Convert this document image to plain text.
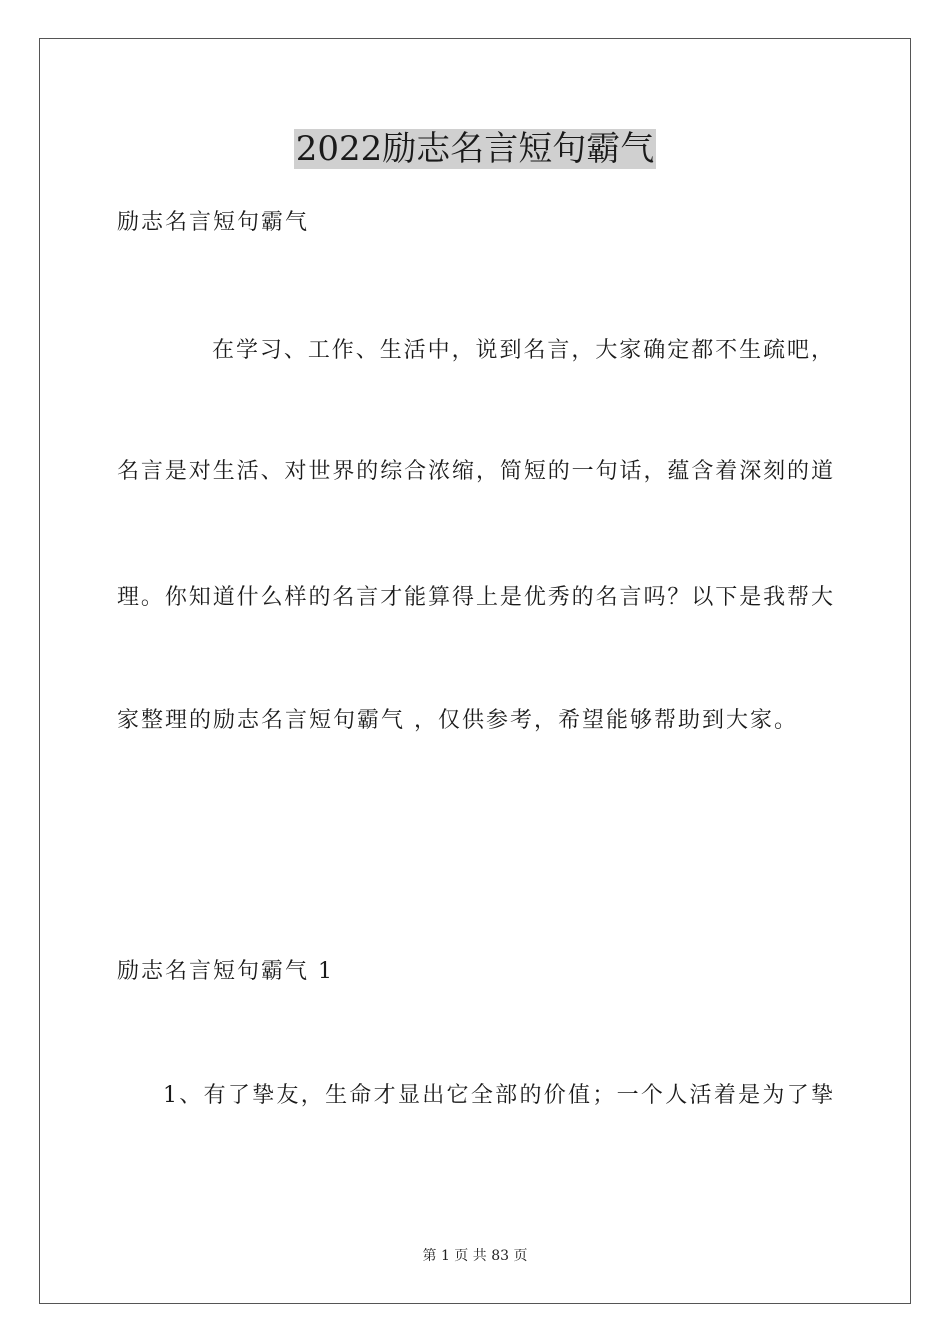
2022励志名言短句霸气
励志名言短句霸气
在学习、工作、生活中，说到名言，大家确定都不生疏吧，
名言是对生活、对世界的综合浓缩，简短的一句话，蕴含着深刻的道
理。你知道什么样的名言才能算得上是优秀的名言吗？以下是我帮大
家整理的励志名言短句霸气 ，仅供参考，希望能够帮助到大家。
励志名言短句霸气 1
1、有了挚友，生命才显出它全部的价值；一个人活着是为了挚
第 1 页 共 83 页
